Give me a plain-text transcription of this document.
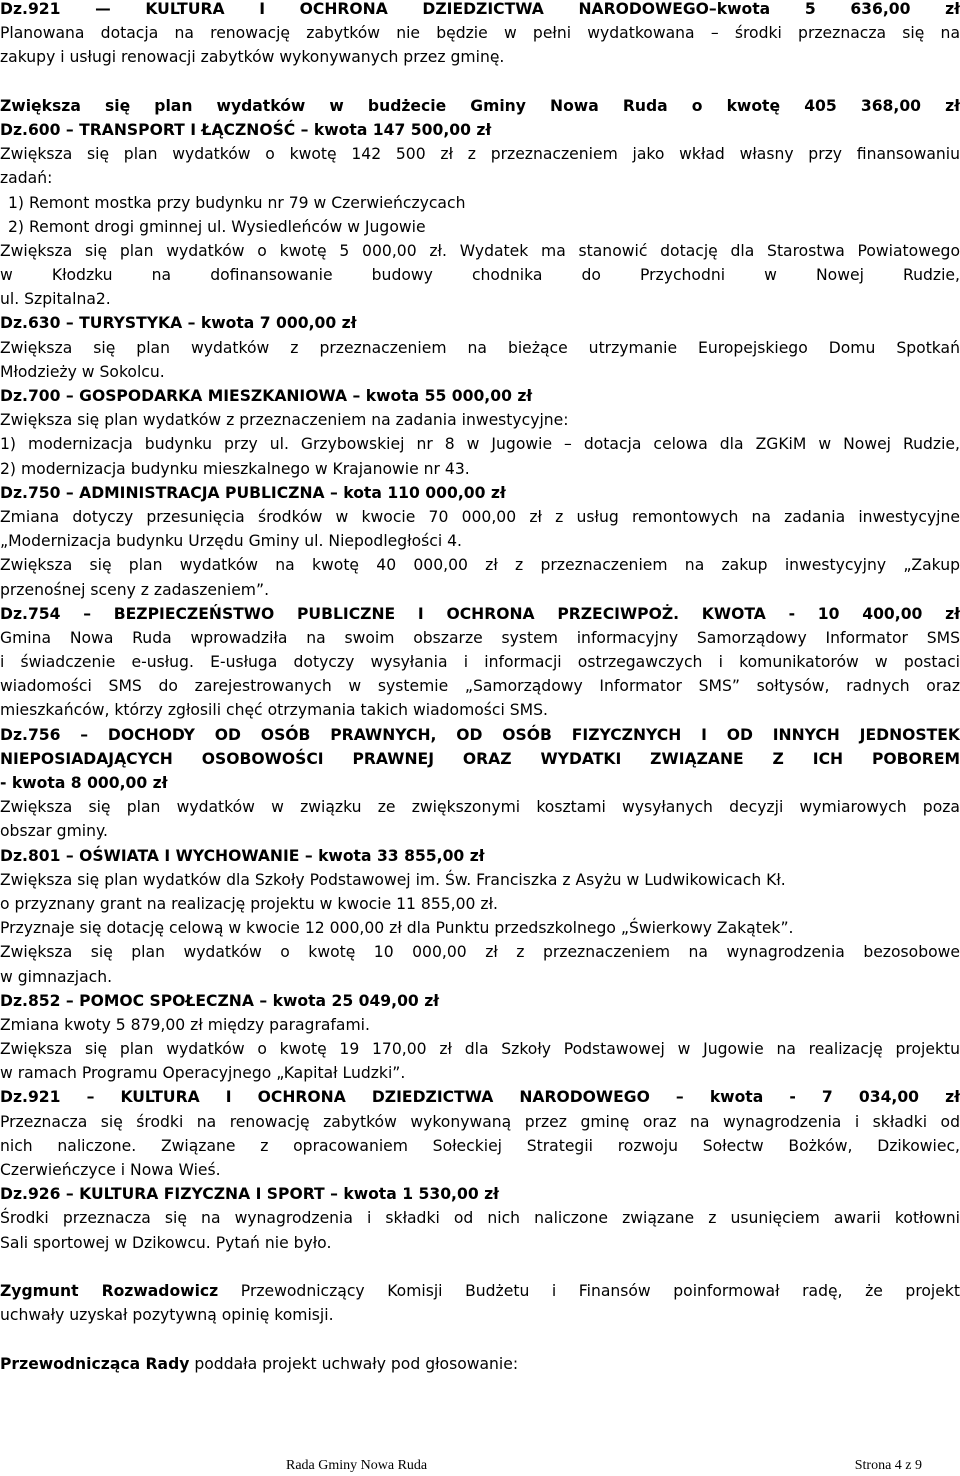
Dz.921 — KULTURA I OCHRONA DZIEDZICTWA NARODOWEGO–kwota 5 636,00 zł
Planowana dotacja na renowację zabytków nie będzie w pełni wydatkowana – środki przeznacza się na
zakupy i usługi renowacji zabytków wykonywanych przez gminę.
Zwiększa się plan wydatków w budżecie Gminy Nowa Ruda o kwotę 405 368,00 zł
Dz.600 – TRANSPORT I ŁĄCZNOŚĆ – kwota 147 500,00 zł
Zwiększa się plan wydatków o kwotę 142 500 zł z przeznaczeniem jako wkład własny przy finansowaniu
zadań:
1) Remont mostka przy budynku nr 79 w Czerwieńczycach
2) Remont drogi gminnej ul. Wysiedleńców w Jugowie
Zwiększa się plan wydatków o kwotę 5 000,00 zł. Wydatek ma stanowić dotację dla Starostwa Powiatowego
w Kłodzku na dofinansowanie budowy chodnika do Przychodni w Nowej Rudzie,
ul. Szpitalna2.
Dz.630 – TURYSTYKA – kwota 7 000,00 zł
Zwiększa się plan wydatków z przeznaczeniem na bieżące utrzymanie Europejskiego Domu Spotkań
Młodzieży w Sokolcu.
Dz.700 – GOSPODARKA MIESZKANIOWA – kwota 55 000,00 zł
Zwiększa się plan wydatków z przeznaczeniem na zadania inwestycyjne:
1) modernizacja budynku przy ul. Grzybowskiej nr 8 w Jugowie – dotacja celowa dla ZGKiM w Nowej Rudzie,
2) modernizacja budynku mieszkalnego w Krajanowie nr 43.
Dz.750 – ADMINISTRACJA PUBLICZNA – kota 110 000,00 zł
Zmiana dotyczy przesunięcia środków w kwocie 70 000,00 zł z usług remontowych na zadania inwestycyjne
„Modernizacja budynku Urzędu Gminy ul. Niepodległości 4.
Zwiększa się plan wydatków na kwotę 40 000,00 zł z przeznaczeniem na zakup inwestycyjny „Zakup
przenośnej sceny z zadaszeniem”.
Dz.754 – BEZPIECZEŃSTWO PUBLICZNE I OCHRONA PRZECIWPOŻ. KWOTA - 10 400,00 zł
Gmina Nowa Ruda wprowadziła na swoim obszarze system informacyjny Samorządowy Informator SMS
i świadczenie e-usług. E-usługa dotyczy wysyłania i informacji ostrzegawczych i komunikatorów w postaci
wiadomości SMS do zarejestrowanych w systemie „Samorządowy Informator SMS” sołtysów, radnych oraz
mieszkańców, którzy zgłosili chęć otrzymania takich wiadomości SMS.
Dz.756 – DOCHODY OD OSÓB PRAWNYCH, OD OSÓB FIZYCZNYCH I OD INNYCH JEDNOSTEK
NIEPOSIADAJĄCYCH OSOBOWOŚCI PRAWNEJ ORAZ WYDATKI ZWIĄZANE Z ICH POBOREM
- kwota 8 000,00 zł
Zwiększa się plan wydatków w związku ze zwiększonymi kosztami wysyłanych decyzji wymiarowych poza
obszar gminy.
Dz.801 – OŚWIATA I WYCHOWANIE – kwota 33 855,00 zł
Zwiększa się plan wydatków dla Szkoły Podstawowej im. Św. Franciszka z Asyżu w Ludwikowicach Kł.
o przyznany grant na realizację projektu w kwocie 11 855,00 zł.
Przyznaje się dotację celową w kwocie 12 000,00 zł dla Punktu przedszkolnego „Świerkowy Zakątek”.
Zwiększa się plan wydatków o kwotę 10 000,00 zł z przeznaczeniem na wynagrodzenia bezosobowe
w gimnazjach.
Dz.852 – POMOC SPOŁECZNA – kwota 25 049,00 zł
Zmiana kwoty 5 879,00 zł między paragrafami.
Zwiększa się plan wydatków o kwotę 19 170,00 zł dla Szkoły Podstawowej w Jugowie na realizację projektu
w ramach Programu Operacyjnego „Kapitał Ludzki”.
Dz.921 – KULTURA I OCHRONA DZIEDZICTWA NARODOWEGO – kwota - 7 034,00 zł
Przeznacza się środki na renowację zabytków wykonywaną przez gminę oraz na wynagrodzenia i składki od
nich naliczone. Związane z opracowaniem Sołeckiej Strategii rozwoju Sołectw Bożków, Dzikowiec,
Czerwieńczyce i Nowa Wieś.
Dz.926 – KULTURA FIZYCZNA I SPORT – kwota 1 530,00 zł
Środki przeznacza się na wynagrodzenia i składki od nich naliczone związane z usunięciem awarii kotłowni
Sali sportowej w Dzikowcu. Pytań nie było.
Zygmunt Rozwadowicz Przewodniczący Komisji Budżetu i Finansów poinformował radę, że projekt
uchwały uzyskał pozytywną opinię komisji.
Przewodnicząca Rady poddała projekt uchwały pod głosowanie:
Rada Gminy Nowa Ruda	Strona 4 z 9
